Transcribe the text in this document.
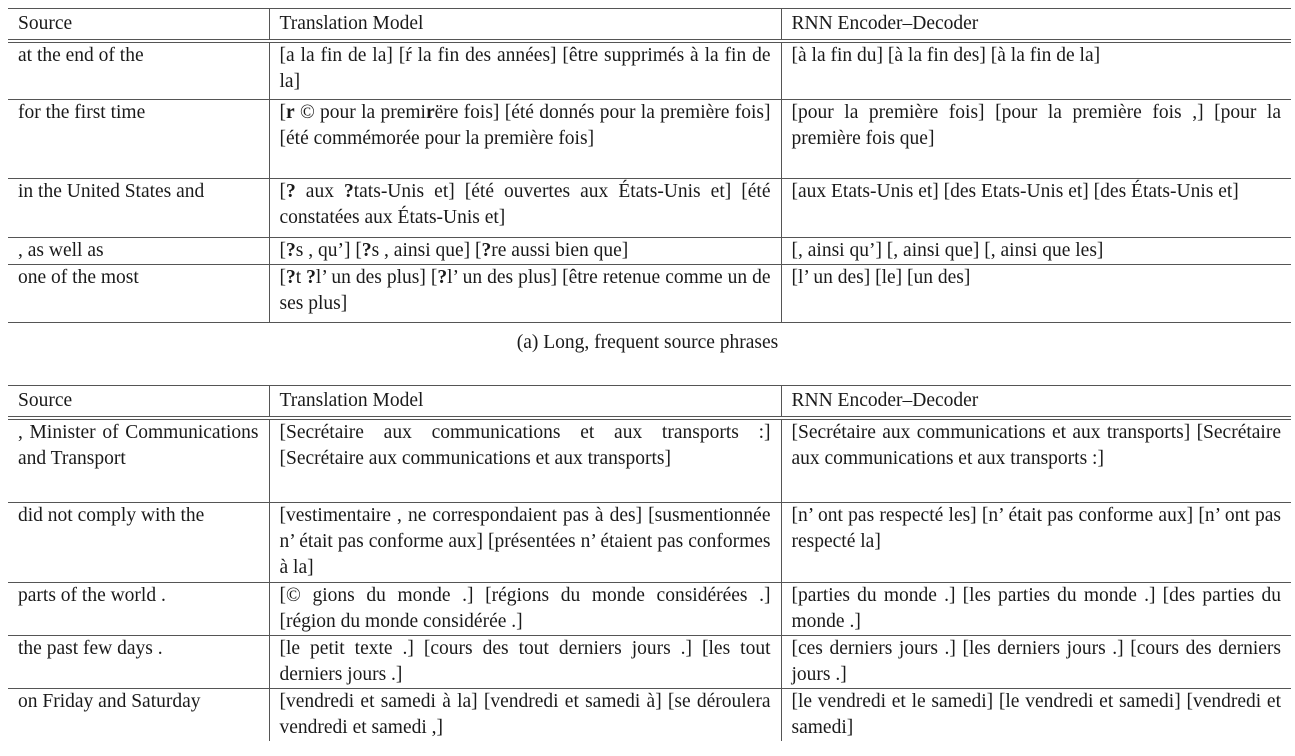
Source	Translation Model	RNN Encoder–Decoder
at the end of the	[a la fin de la] [ŕ la fin des années] [être supprimés à la fin de la]	[à la fin du] [à la fin des] [à la fin de la]
for the first time	[r © pour la premirëre fois] [été donnés pour la première fois] [été commémorée pour la première fois]	[pour la première fois] [pour la première fois ,] [pour la première fois que]
in the United States and	[? aux ?tats-Unis et] [été ouvertes aux États-Unis et] [été constatées aux États-Unis et]	[aux Etats-Unis et] [des Etats-Unis et] [des États-Unis et]
, as well as	[?s , qu’] [?s , ainsi que] [?re aussi bien que]	[, ainsi qu’] [, ainsi que] [, ainsi que les]
one of the most	[?t ?l’ un des plus] [?l’ un des plus] [être retenue comme un de ses plus]	[l’ un des] [le] [un des]
(a) Long, frequent source phrases
Source	Translation Model	RNN Encoder–Decoder
, Minister of Communications and Transport	[Secrétaire aux communications et aux transports :] [Secrétaire aux communications et aux transports]	[Secrétaire aux communications et aux transports] [Secrétaire aux communications et aux transports :]
did not comply with the	[vestimentaire , ne correspondaient pas à des] [susmentionnée n’ était pas conforme aux] [présentées n’ étaient pas conformes à la]	[n’ ont pas respecté les] [n’ était pas conforme aux] [n’ ont pas respecté la]
parts of the world .	[© gions du monde .] [régions du monde considérées .] [région du monde considérée .]	[parties du monde .] [les parties du monde .] [des parties du monde .]
the past few days .	[le petit texte .] [cours des tout derniers jours .] [les tout derniers jours .]	[ces derniers jours .] [les derniers jours .] [cours des derniers jours .]
on Friday and Saturday	[vendredi et samedi à la] [vendredi et samedi à] [se déroulera vendredi et samedi ,]	[le vendredi et le samedi] [le vendredi et samedi] [vendredi et samedi]
